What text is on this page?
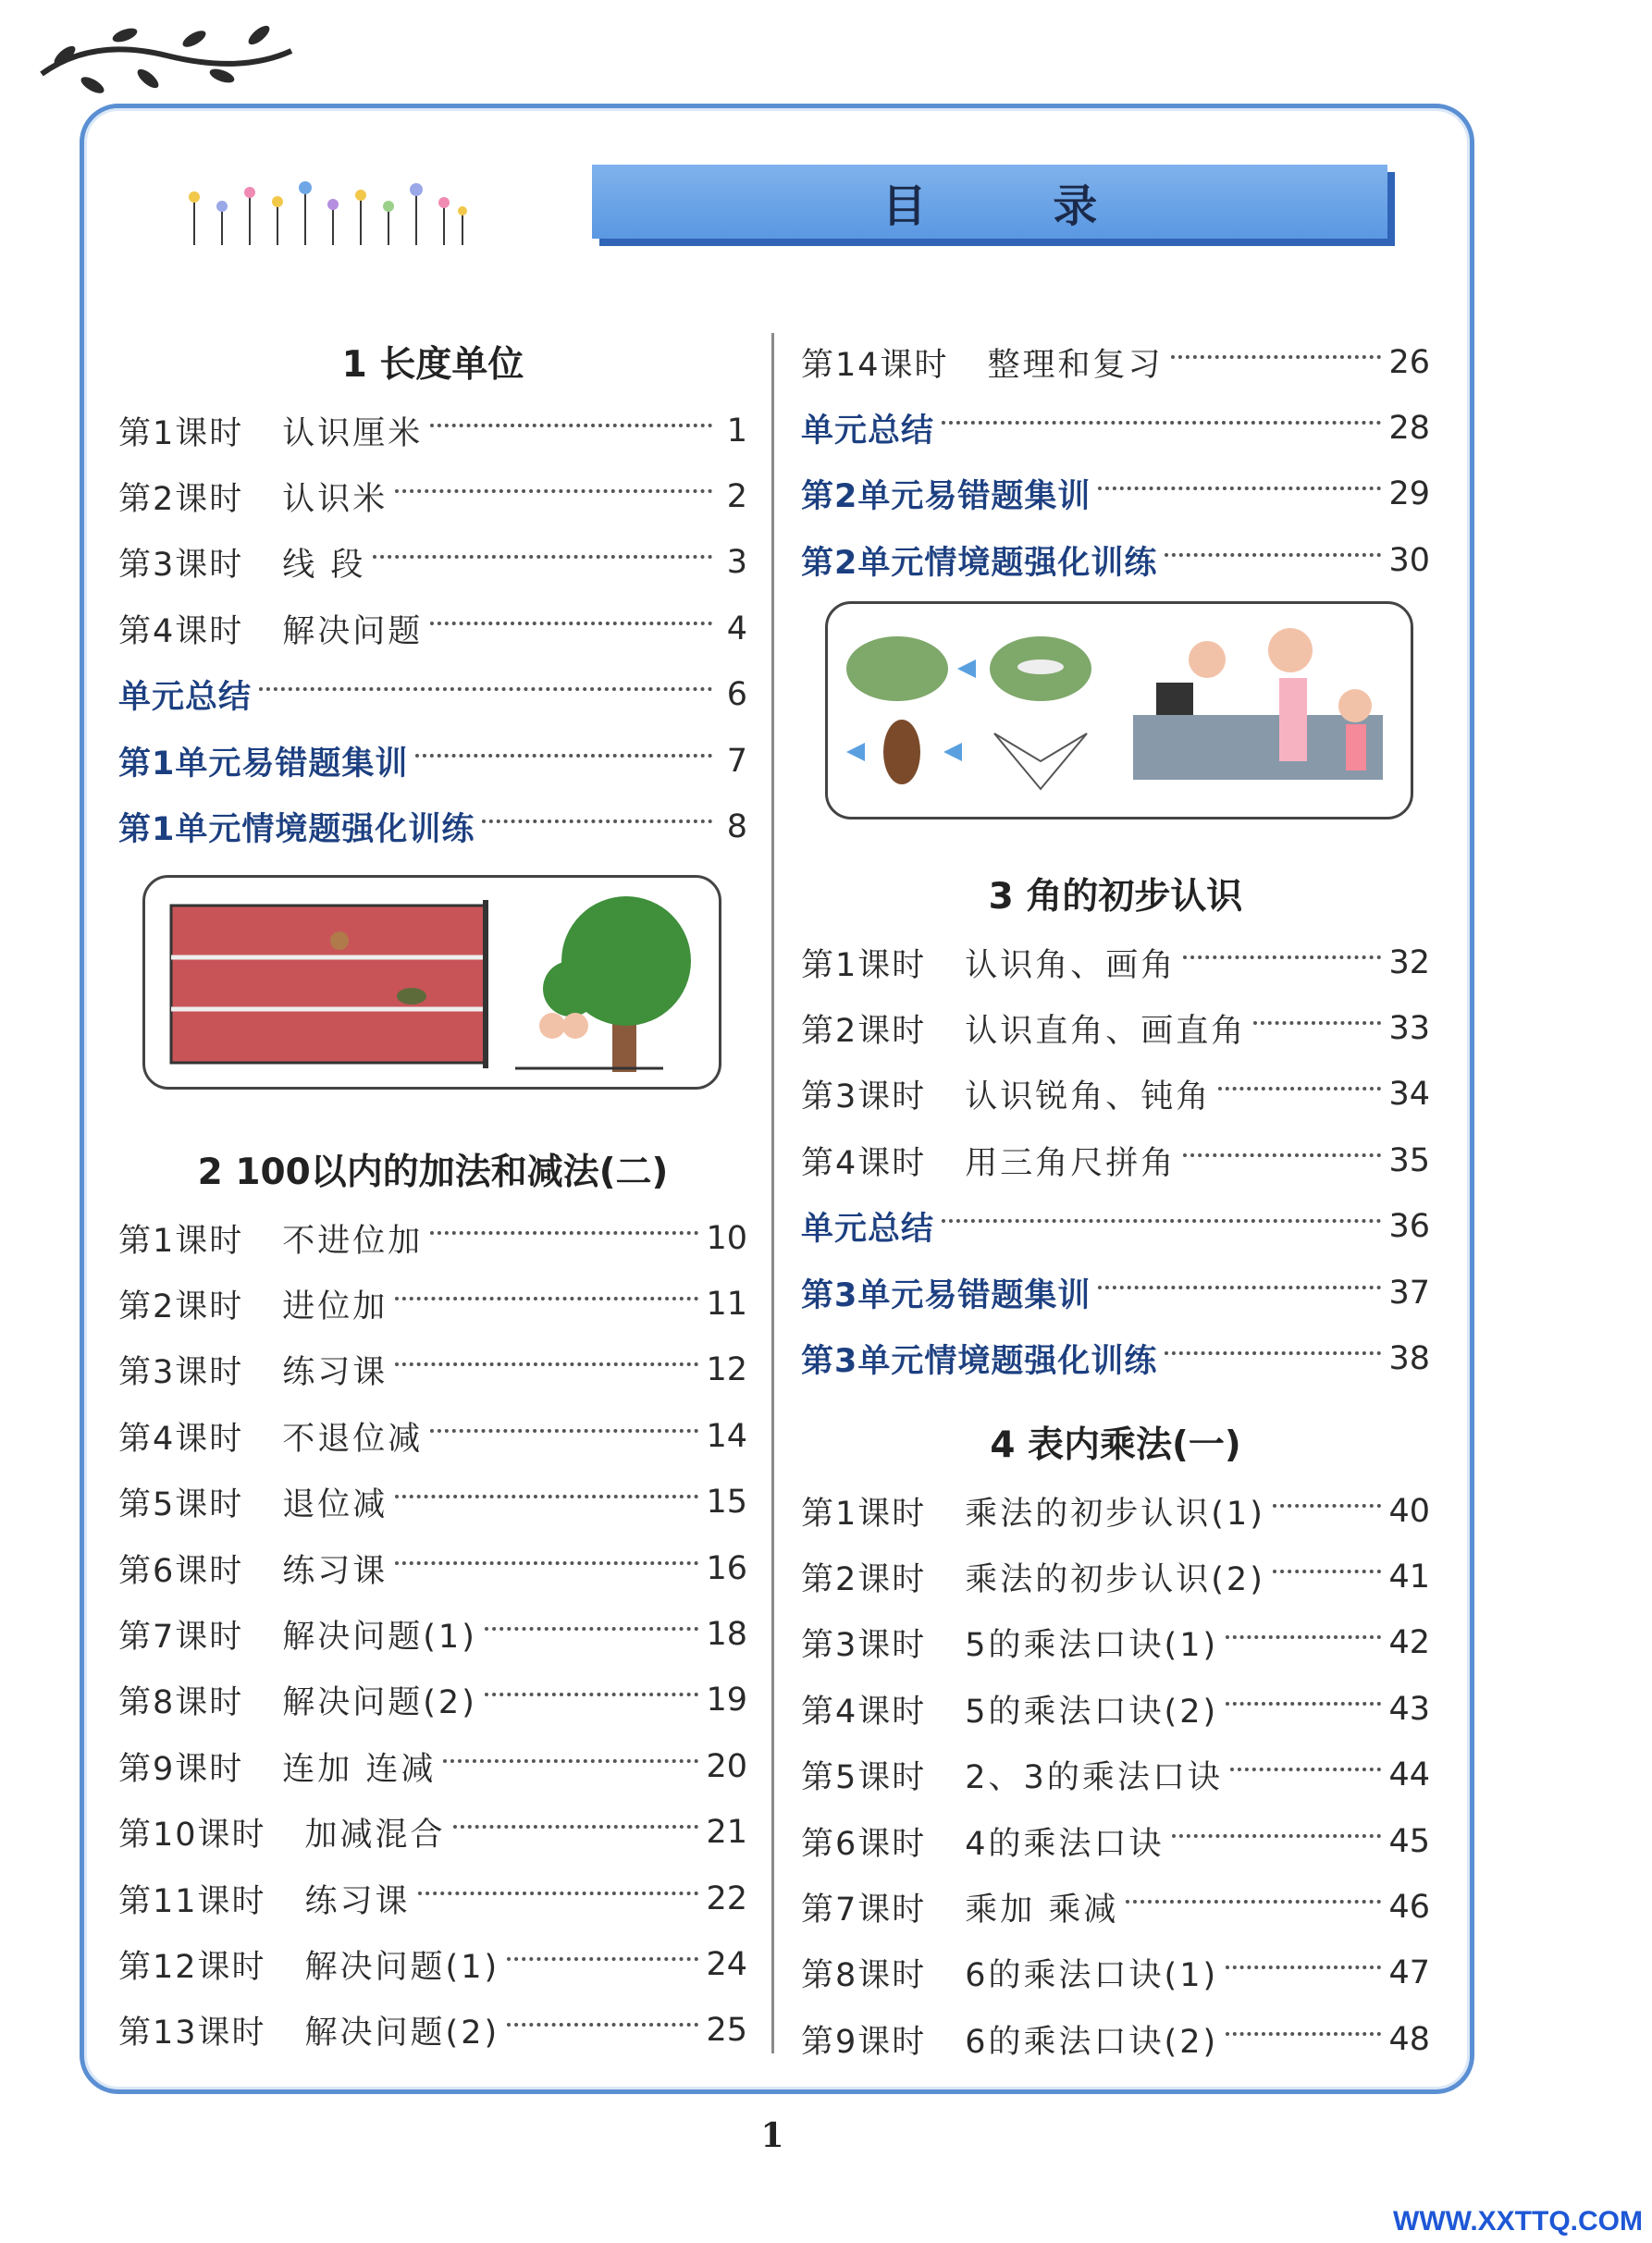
目 录
1 长度单位
第1课时 认识厘米	1
第2课时 认识米	2
第3课时 线 段	3
第4课时 解决问题	4
单元总结	6
第1单元易错题集训	7
第1单元情境题强化训练	8
2 100以内的加法和减法(二)
第1课时 不进位加	10
第2课时 进位加	11
第3课时 练习课	12
第4课时 不退位减	14
第5课时 退位减	15
第6课时 练习课	16
第7课时 解决问题(1)	18
第8课时 解决问题(2)	19
第9课时 连加 连减	20
第10课时 加减混合	21
第11课时 练习课	22
第12课时 解决问题(1)	24
第13课时 解决问题(2)	25
第14课时 整理和复习	26
单元总结	28
第2单元易错题集训	29
第2单元情境题强化训练	30
3 角的初步认识
第1课时 认识角、画角	32
第2课时 认识直角、画直角	33
第3课时 认识锐角、钝角	34
第4课时 用三角尺拼角	35
单元总结	36
第3单元易错题集训	37
第3单元情境题强化训练	38
4 表内乘法(一)
第1课时 乘法的初步认识(1)	40
第2课时 乘法的初步认识(2)	41
第3课时 5的乘法口诀(1)	42
第4课时 5的乘法口诀(2)	43
第5课时 2、3的乘法口诀	44
第6课时 4的乘法口诀	45
第7课时 乘加 乘减	46
第8课时 6的乘法口诀(1)	47
第9课时 6的乘法口诀(2)	48
1
WWW.XXTTQ.COM
